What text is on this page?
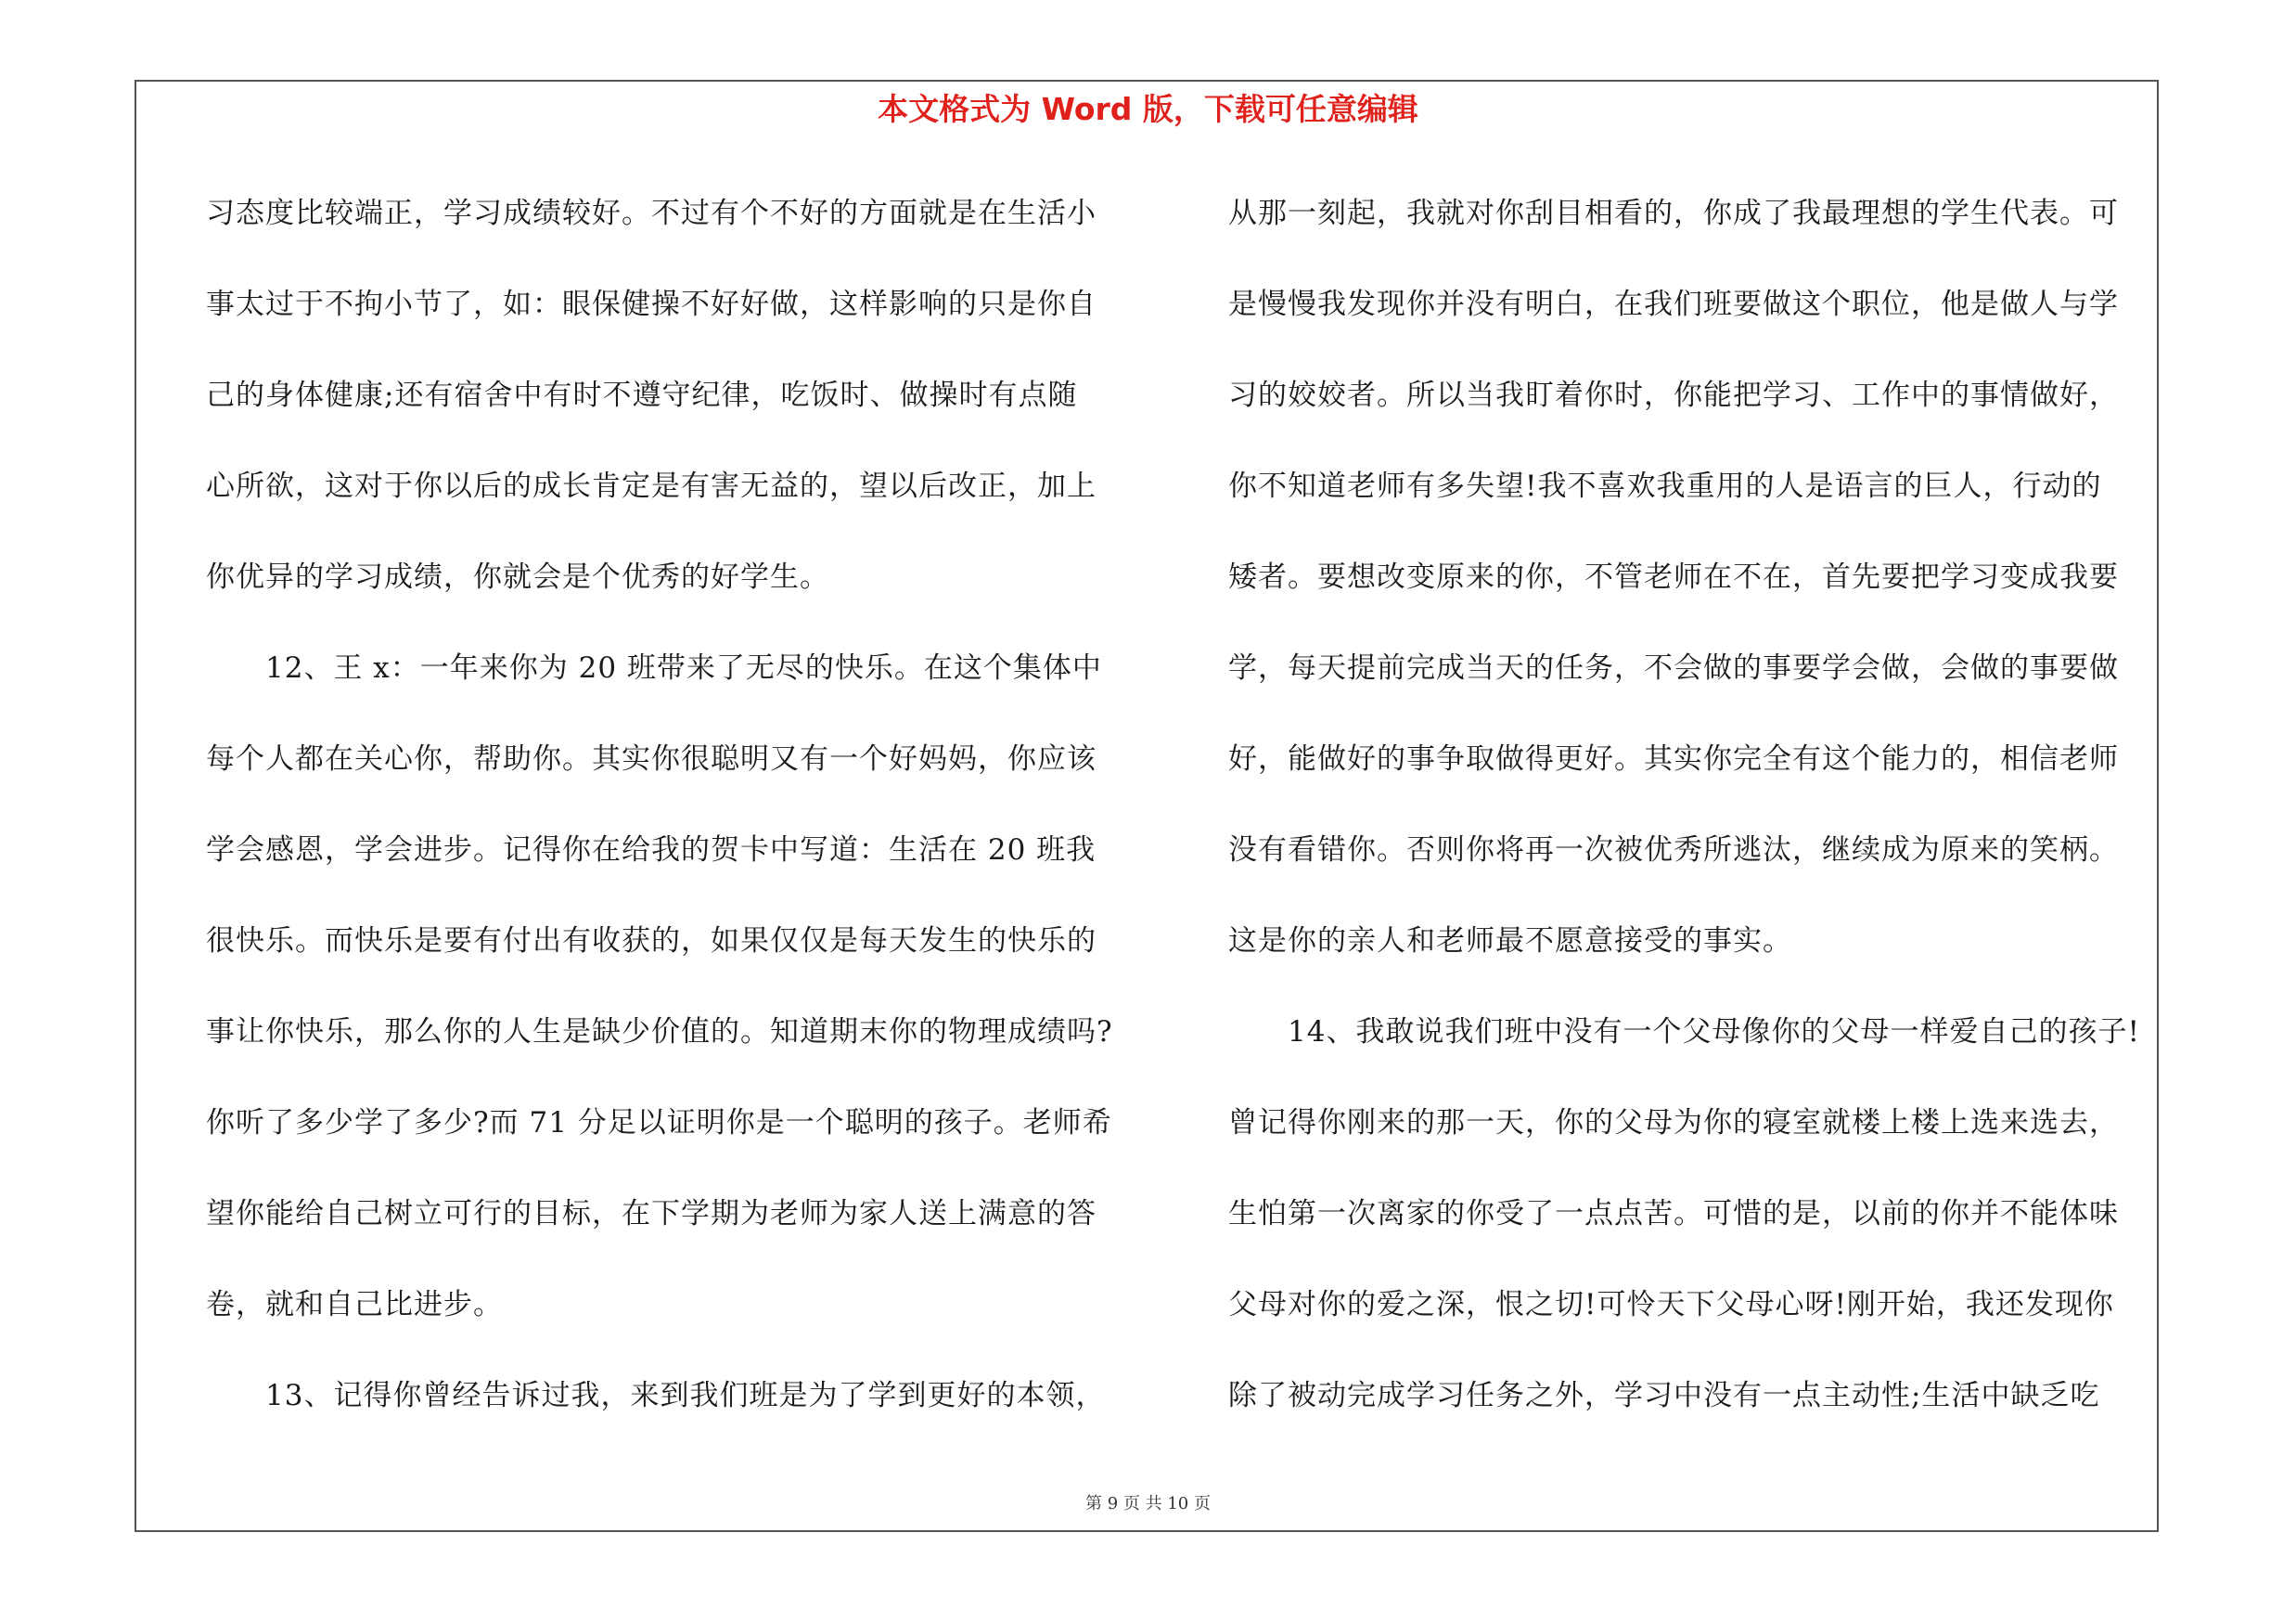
本文格式为 Word 版，下载可任意编辑

习态度比较端正，学习成绩较好。不过有个不好的方面就是在生活小
事太过于不拘小节了，如：眼保健操不好好做，这样影响的只是你自
己的身体健康;还有宿舍中有时不遵守纪律，吃饭时、做操时有点随
心所欲，这对于你以后的成长肯定是有害无益的，望以后改正，加上
你优异的学习成绩，你就会是个优秀的好学生。
　　12、王 x：一年来你为 20 班带来了无尽的快乐。在这个集体中
每个人都在关心你，帮助你。其实你很聪明又有一个好妈妈，你应该
学会感恩，学会进步。记得你在给我的贺卡中写道：生活在 20 班我
很快乐。而快乐是要有付出有收获的，如果仅仅是每天发生的快乐的
事让你快乐，那么你的人生是缺少价值的。知道期末你的物理成绩吗?
你听了多少学了多少?而 71 分足以证明你是一个聪明的孩子。老师希
望你能给自己树立可行的目标，在下学期为老师为家人送上满意的答
卷，就和自己比进步。
　　13、记得你曾经告诉过我，来到我们班是为了学到更好的本领，

从那一刻起，我就对你刮目相看的，你成了我最理想的学生代表。可
是慢慢我发现你并没有明白，在我们班要做这个职位，他是做人与学
习的姣姣者。所以当我盯着你时，你能把学习、工作中的事情做好，
你不知道老师有多失望!我不喜欢我重用的人是语言的巨人，行动的
矮者。要想改变原来的你，不管老师在不在，首先要把学习变成我要
学，每天提前完成当天的任务，不会做的事要学会做，会做的事要做
好，能做好的事争取做得更好。其实你完全有这个能力的，相信老师
没有看错你。否则你将再一次被优秀所逃汰，继续成为原来的笑柄。
这是你的亲人和老师最不愿意接受的事实。
　　14、我敢说我们班中没有一个父母像你的父母一样爱自己的孩子!
曾记得你刚来的那一天，你的父母为你的寝室就楼上楼上选来选去，
生怕第一次离家的你受了一点点苦。可惜的是，以前的你并不能体味
父母对你的爱之深，恨之切!可怜天下父母心呀!刚开始，我还发现你
除了被动完成学习任务之外，学习中没有一点主动性;生活中缺乏吃

第 9 页 共 10 页
